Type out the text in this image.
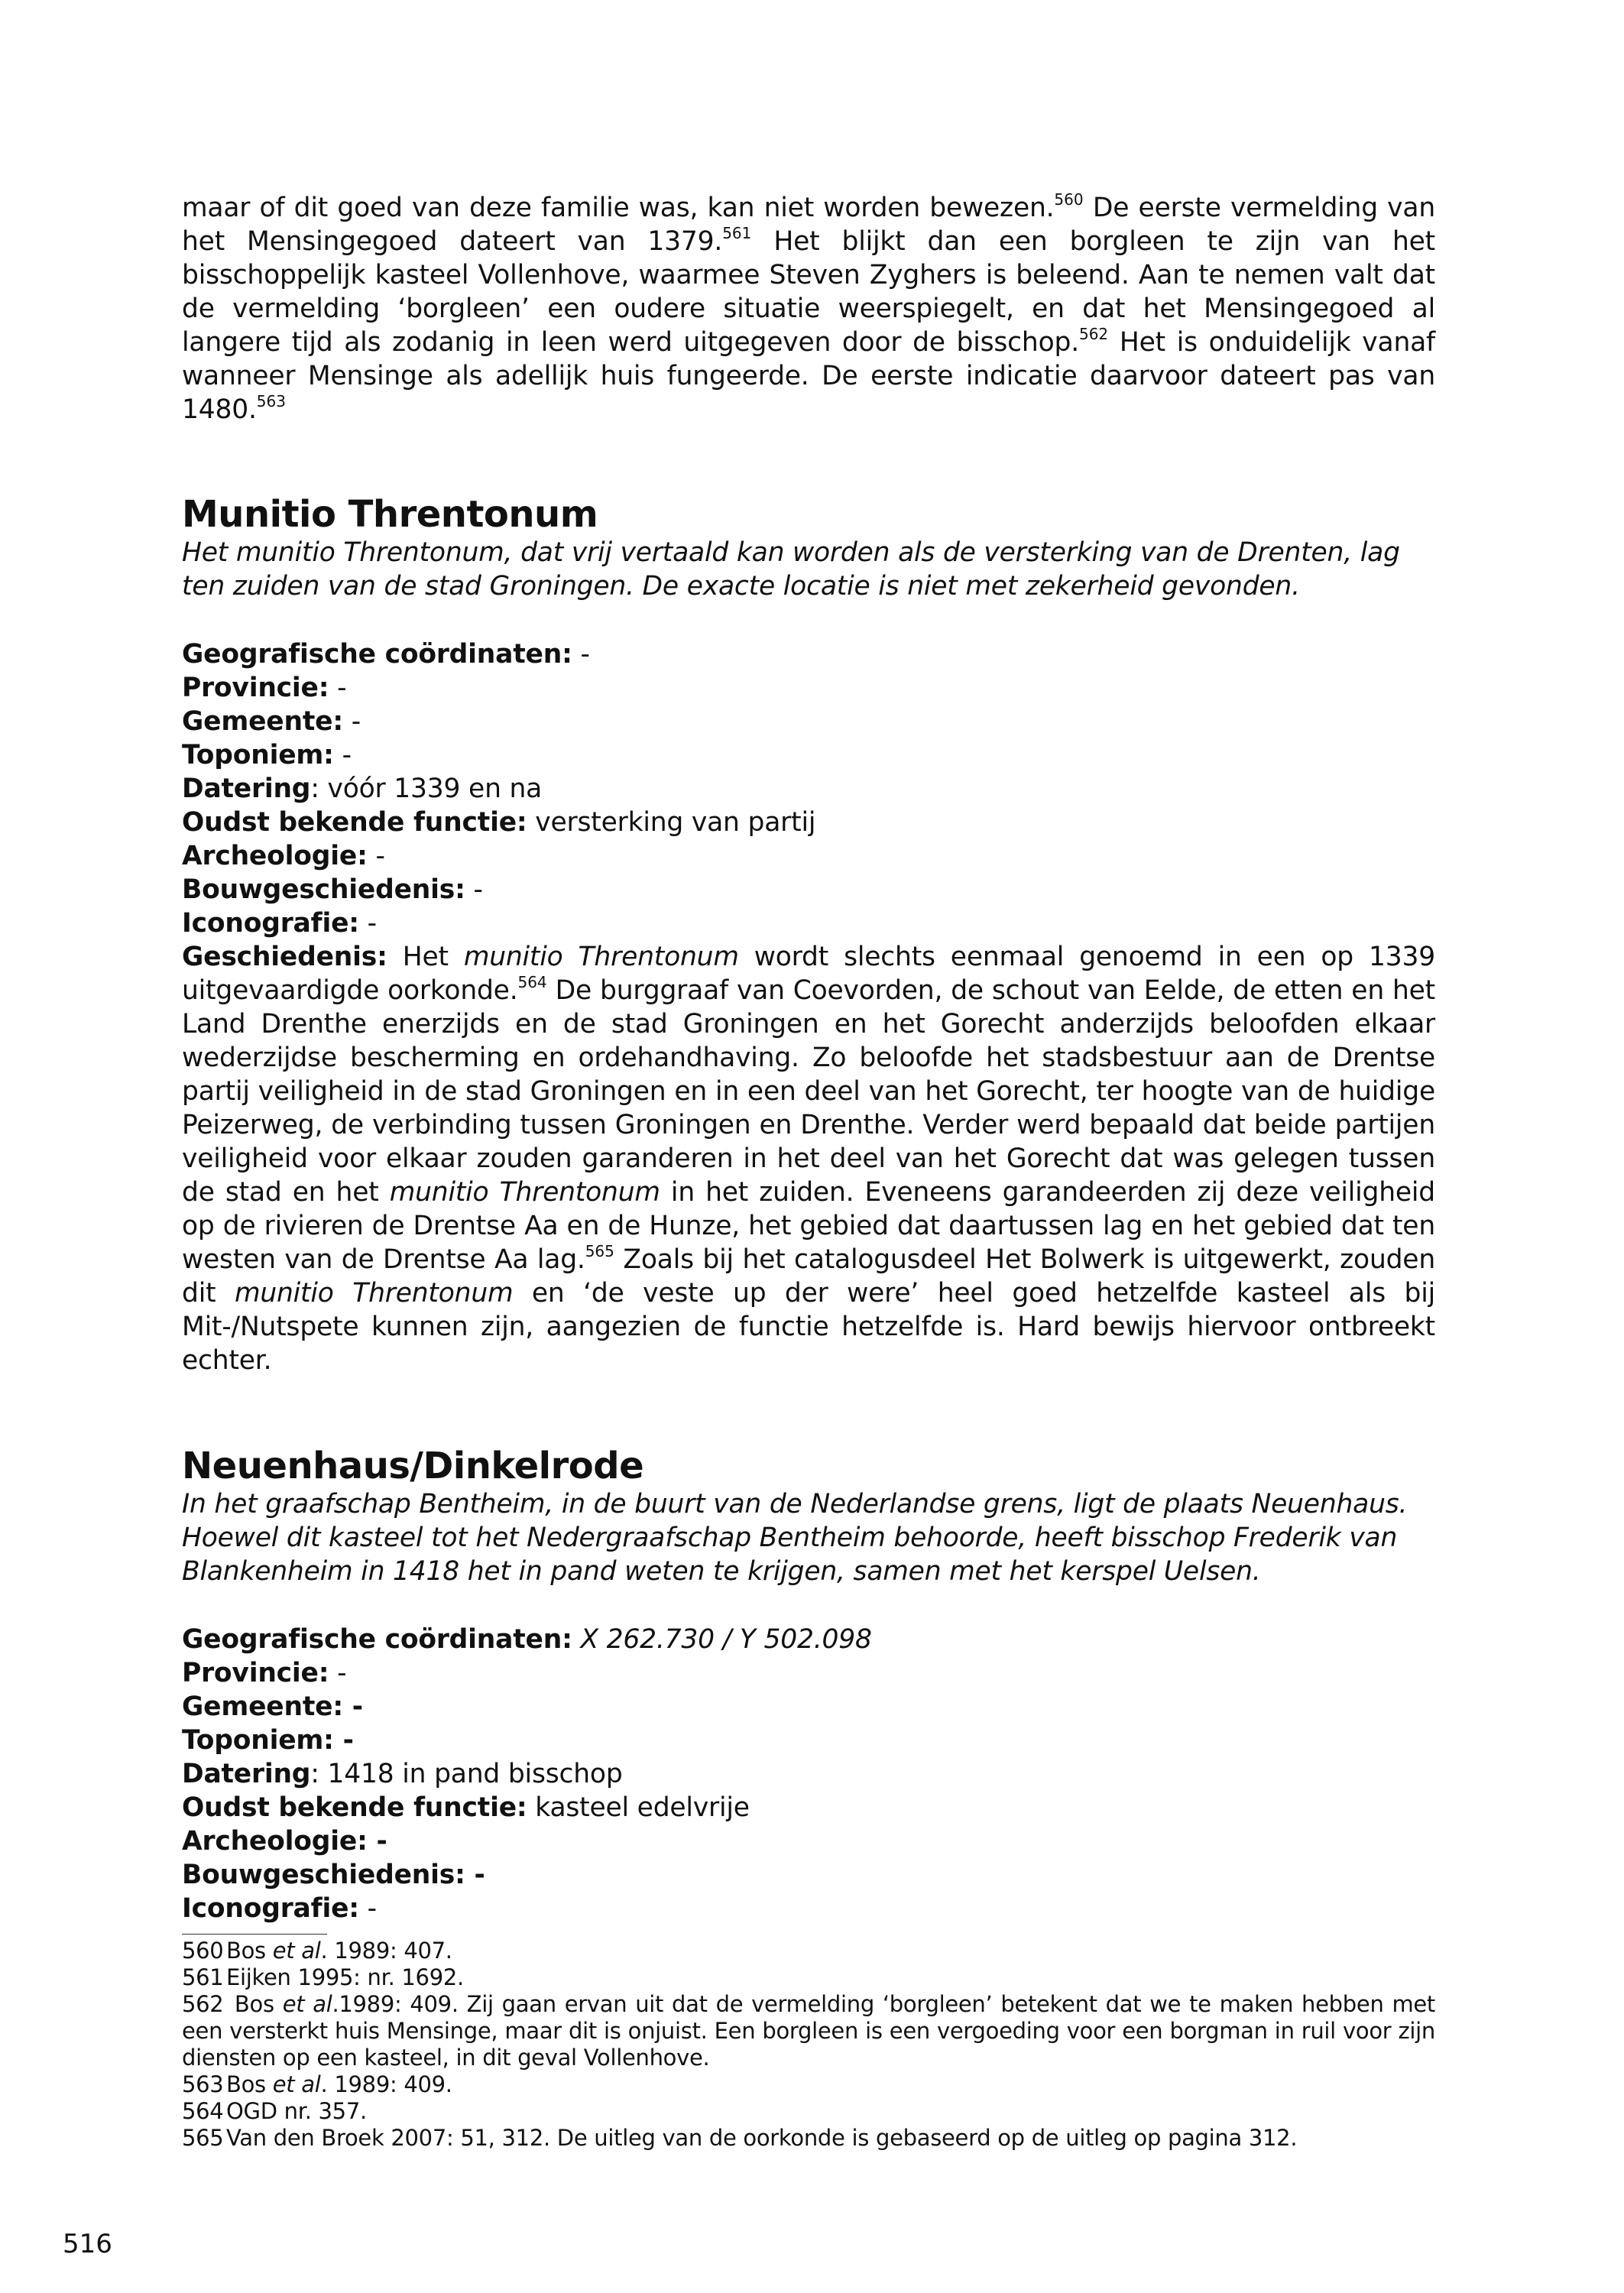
maar of dit goed van deze familie was, kan niet worden bewezen.$^{560}$ De eerste vermelding van het Mensingegoed dateert van 1379.$^{561}$ Het blijkt dan een borgleen te zijn van het bisschoppelijk kasteel Vollenhove, waarmee Steven Zyghers is beleend. Aan te nemen valt dat de vermelding ‘borgleen’ een oudere situatie weerspiegelt, en dat het Mensingegoed al langere tijd als zodanig in leen werd uitgegeven door de bisschop.$^{562}$ Het is onduidelijk vanaf wanneer Mensinge als adellijk huis fungeerde. De eerste indicatie daarvoor dateert pas van 1480.$^{563}$

Munitio Threntonum

Het munitio Threntonum, dat vrij vertaald kan worden als de versterking van de Drenten, lag ten zuiden van de stad Groningen. De exacte locatie is niet met zekerheid gevonden.

Geografische coördinaten: -
Provincie: -
Gemeente: -
Toponiem: -
Datering: vóór 1339 en na
Oudst bekende functie: versterking van partij
Archeologie: -
Bouwgeschiedenis: -
Iconografie: -

Geschiedenis: Het munitio Threntonum wordt slechts eenmaal genoemd in een op 1339 uitgevaardigde oorkonde.$^{564}$ De burggraaf van Coevorden, de schout van Eelde, de etten en het Land Drenthe enerzijds en de stad Groningen en het Gorecht anderzijds beloofden elkaar wederzijdse bescherming en ordehandhaving. Zo beloofde het stadsbestuur aan de Drentse partij veiligheid in de stad Groningen en in een deel van het Gorecht, ter hoogte van de huidige Peizerweg, de verbinding tussen Groningen en Drenthe. Verder werd bepaald dat beide partijen veiligheid voor elkaar zouden garanderen in het deel van het Gorecht dat was gelegen tussen de stad en het munitio Threntonum in het zuiden. Eveneens garandeerden zij deze veiligheid op de rivieren de Drentse Aa en de Hunze, het gebied dat daartussen lag en het gebied dat ten westen van de Drentse Aa lag.$^{565}$ Zoals bij het catalogusdeel Het Bolwerk is uitgewerkt, zouden dit munitio Threntonum en ‘de veste up der were’ heel goed hetzelfde kasteel als bij Mit-/Nutspete kunnen zijn, aangezien de functie hetzelfde is. Hard bewijs hiervoor ontbreekt echter.

Neuenhaus/Dinkelrode

In het graafschap Bentheim, in de buurt van de Nederlandse grens, ligt de plaats Neuenhaus. Hoewel dit kasteel tot het Nedergraafschap Bentheim behoorde, heeft bisschop Frederik van Blankenheim in 1418 het in pand weten te krijgen, samen met het kerspel Uelsen.

Geografische coördinaten: X 262.730 / Y 502.098
Provincie: -
Gemeente: -
Toponiem: -
Datering: 1418 in pand bisschop
Oudst bekende functie: kasteel edelvrije
Archeologie: -
Bouwgeschiedenis: -
Iconografie: -
560 Bos et al. 1989: 407.
561 Eijken 1995: nr. 1692.
562 Bos et al.1989: 409. Zij gaan ervan uit dat de vermelding ‘borgleen’ betekent dat we te maken hebben met een versterkt huis Mensinge, maar dit is onjuist. Een borgleen is een vergoeding voor een borgman in ruil voor zijn diensten op een kasteel, in dit geval Vollenhove.
563 Bos et al. 1989: 409.
564 OGD nr. 357.
565 Van den Broek 2007: 51, 312. De uitleg van de oorkonde is gebaseerd op de uitleg op pagina 312.
516
